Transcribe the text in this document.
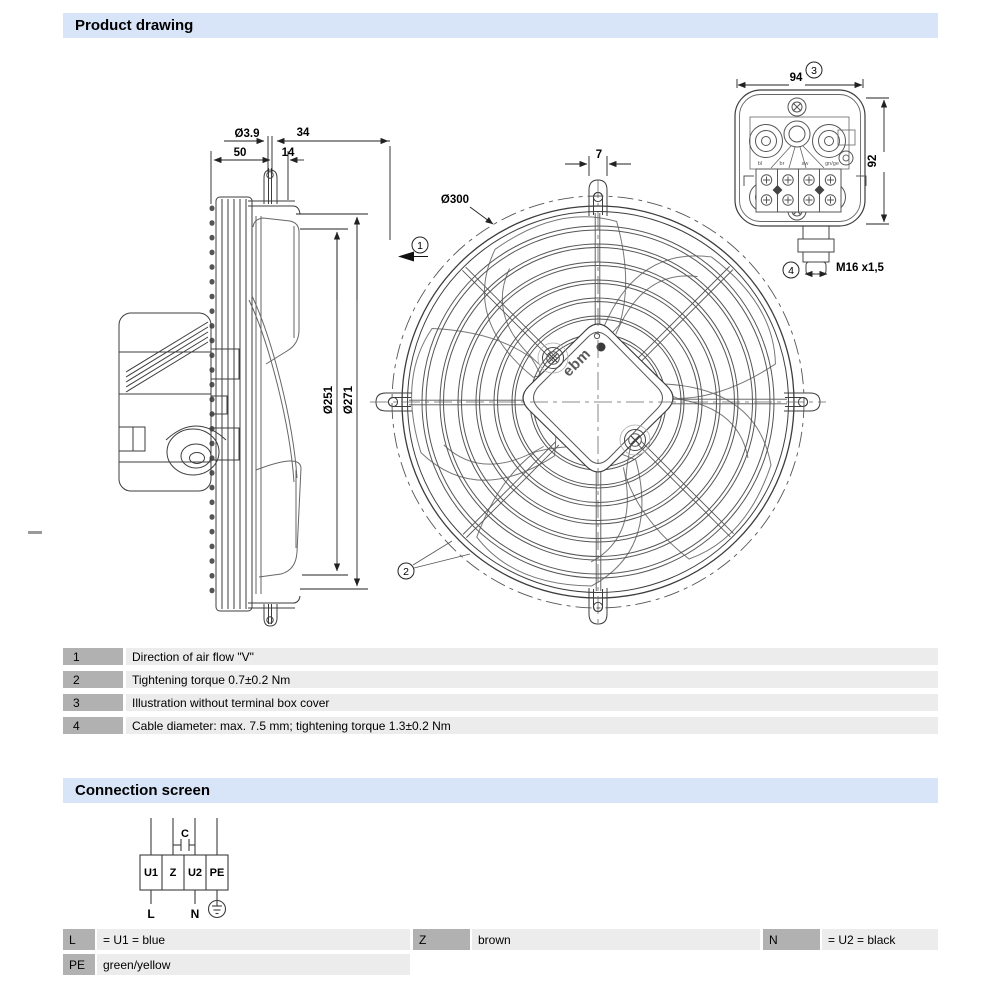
Product drawing
ebm
bl	br	sw	gn/ge
Ø3.9	34
50	14
Ø251 Ø271
Ø300
7
94
92
M16 x1,5
1
2
3
4
1	Direction of air flow "V"
2	Tightening torque 0.7±0.2 Nm
3	Illustration without terminal box cover
4	Cable diameter: max. 7.5 mm; tightening torque 1.3±0.2 Nm
Connection screen
C
U1 Z U2 PE
L	N
L	= U1 = blue	Z	brown	N	= U2 = black
PE	green/yellow
